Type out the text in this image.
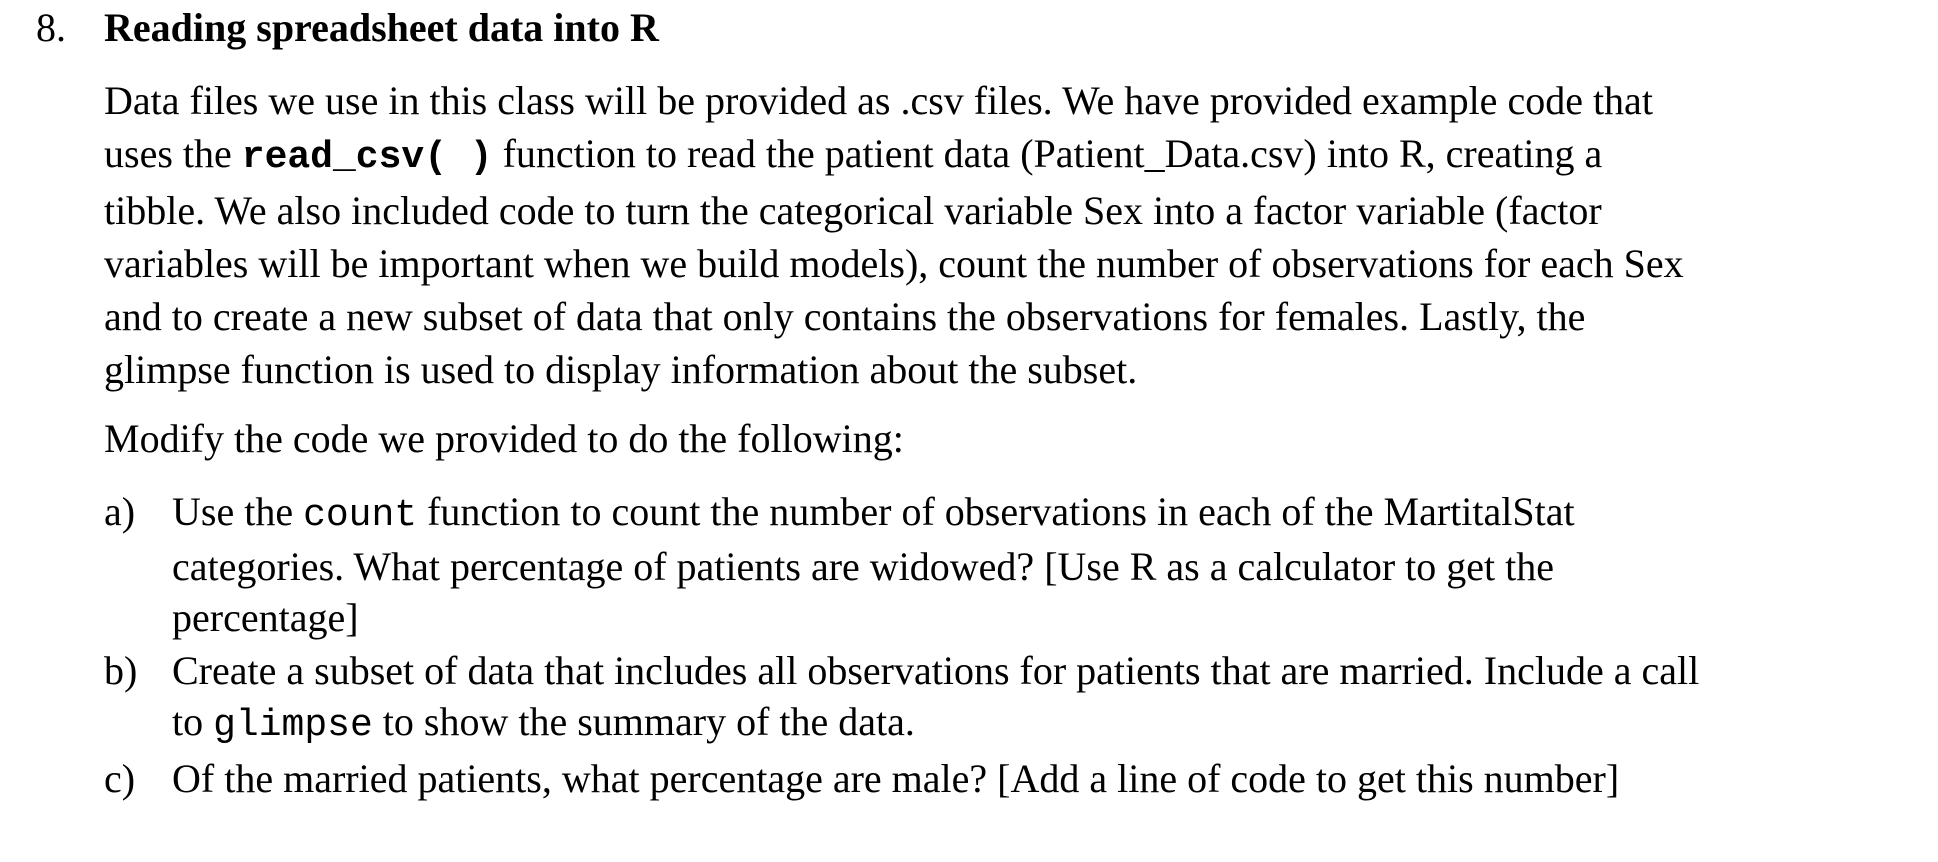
8. Reading spreadsheet data into R
Data files we use in this class will be provided as .csv files. We have provided example code that
uses the read_csv( ) function to read the patient data (Patient_Data.csv) into R, creating a
tibble. We also included code to turn the categorical variable Sex into a factor variable (factor
variables will be important when we build models), count the number of observations for each Sex
and to create a new subset of data that only contains the observations for females. Lastly, the
glimpse function is used to display information about the subset.
Modify the code we provided to do the following:
a) Use the count function to count the number of observations in each of the MartitalStat
categories. What percentage of patients are widowed? [Use R as a calculator to get the
percentage]
b) Create a subset of data that includes all observations for patients that are married. Include a call
to glimpse to show the summary of the data.
c) Of the married patients, what percentage are male? [Add a line of code to get this number]
